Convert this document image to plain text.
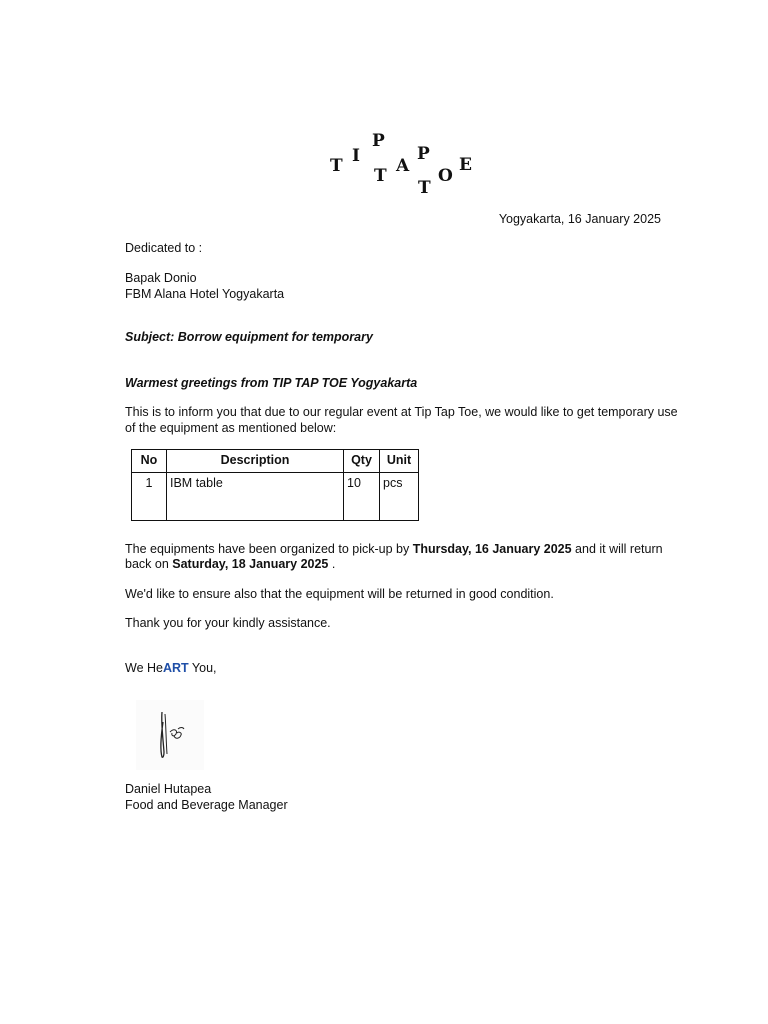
T I
P
T A
P
T
O
E
Yogyakarta, 16 January 2025
Dedicated to :
Bapak Donio
FBM Alana Hotel Yogyakarta
Subject: Borrow equipment for temporary
Warmest greetings from TIP TAP TOE Yogyakarta
This is to inform you that due to our regular event at Tip Tap Toe, we would like to get temporary use
of the equipment as mentioned below:
No	Description	Qty	Unit
1	IBM table	10	pcs
The equipments have been organized to pick-up by Thursday, 16 January 2025 and it will return
back on Saturday, 18 January 2025 .
We'd like to ensure also that the equipment will be returned in good condition.
Thank you for your kindly assistance.
We HeART You,
Daniel Hutapea
Food and Beverage Manager
